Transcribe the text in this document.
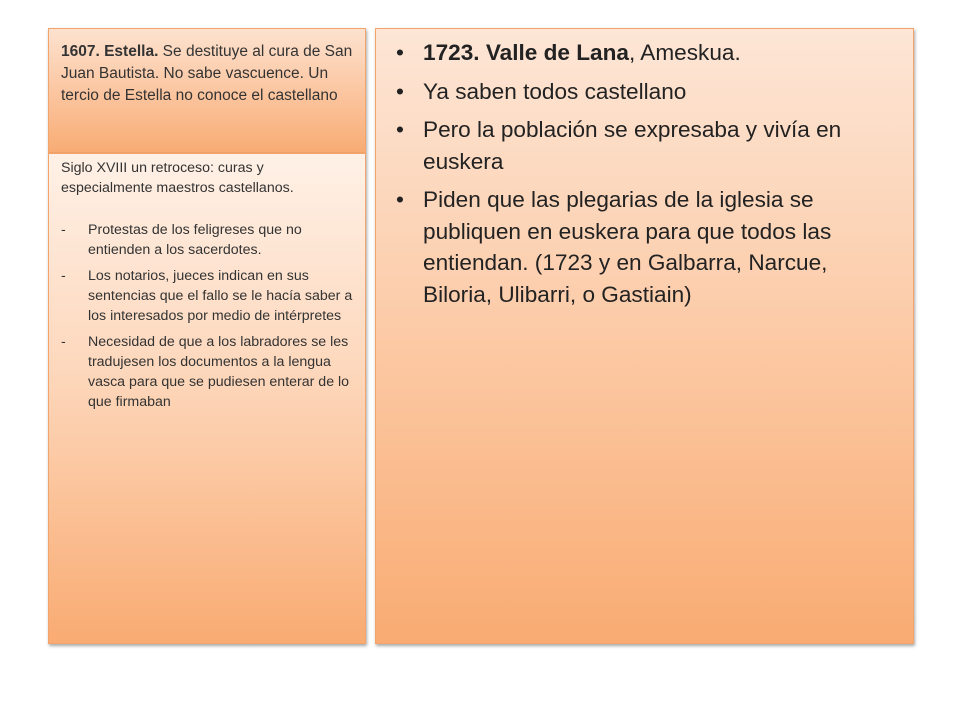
1607. Estella. Se destituye al cura de San Juan Bautista. No sabe vascuence. Un tercio de Estella no conoce el castellano

Siglo XVIII un retroceso: curas y especialmente maestros castellanos.

- Protestas de los feligreses que no entienden a los sacerdotes.
- Los notarios, jueces indican en sus sentencias que el fallo se le hacía saber a los interesados por medio de intérpretes
- Necesidad de que a los labradores se les tradujesen los documentos a la lengua vasca para que se pudiesen enterar de lo que firmaban
• 1723. Valle de Lana, Ameskua.
• Ya saben todos castellano
• Pero la población se expresaba y vivía en euskera
• Piden que las plegarias de la iglesia se publiquen en euskera para que todos las entiendan. (1723 y en Galbarra, Narcue, Biloria, Ulibarri, o Gastiain)
